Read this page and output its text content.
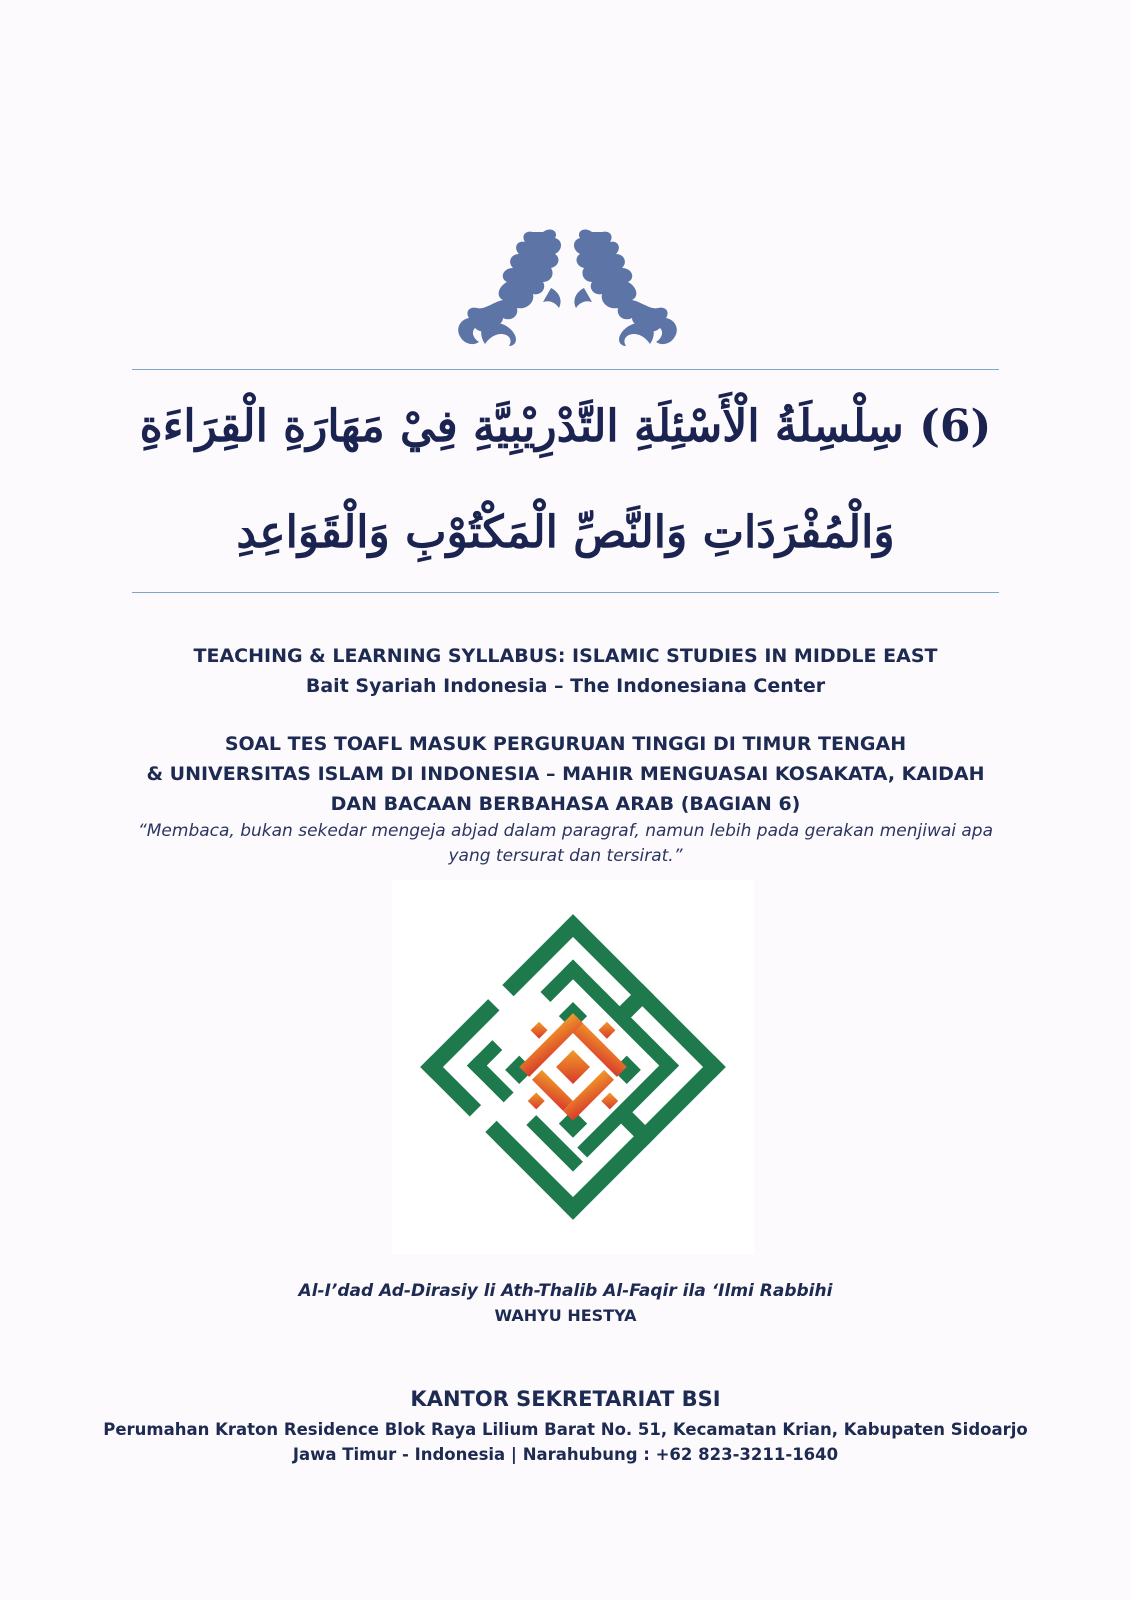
(6) سِلْسِلَةُ الْأَسْئِلَةِ التَّدْرِيْبِيَّةِ فِيْ مَهَارَةِ الْقِرَاءَةِ
وَالْمُفْرَدَاتِ وَالنَّصِّ الْمَكْتُوْبِ وَالْقَوَاعِدِ
TEACHING & LEARNING SYLLABUS: ISLAMIC STUDIES IN MIDDLE EAST
Bait Syariah Indonesia – The Indonesiana Center
SOAL TES TOAFL MASUK PERGURUAN TINGGI DI TIMUR TENGAH
& UNIVERSITAS ISLAM DI INDONESIA – MAHIR MENGUASAI KOSAKATA, KAIDAH
DAN BACAAN BERBAHASA ARAB (BAGIAN 6)
“Membaca, bukan sekedar mengeja abjad dalam paragraf, namun lebih pada gerakan menjiwai apa
yang tersurat dan tersirat.”
Al-I’dad Ad-Dirasiy li Ath-Thalib Al-Faqir ila ‘Ilmi Rabbihi
WAHYU HESTYA
KANTOR SEKRETARIAT BSI
Perumahan Kraton Residence Blok Raya Lilium Barat No. 51, Kecamatan Krian, Kabupaten Sidoarjo
Jawa Timur - Indonesia | Narahubung : +62 823-3211-1640
